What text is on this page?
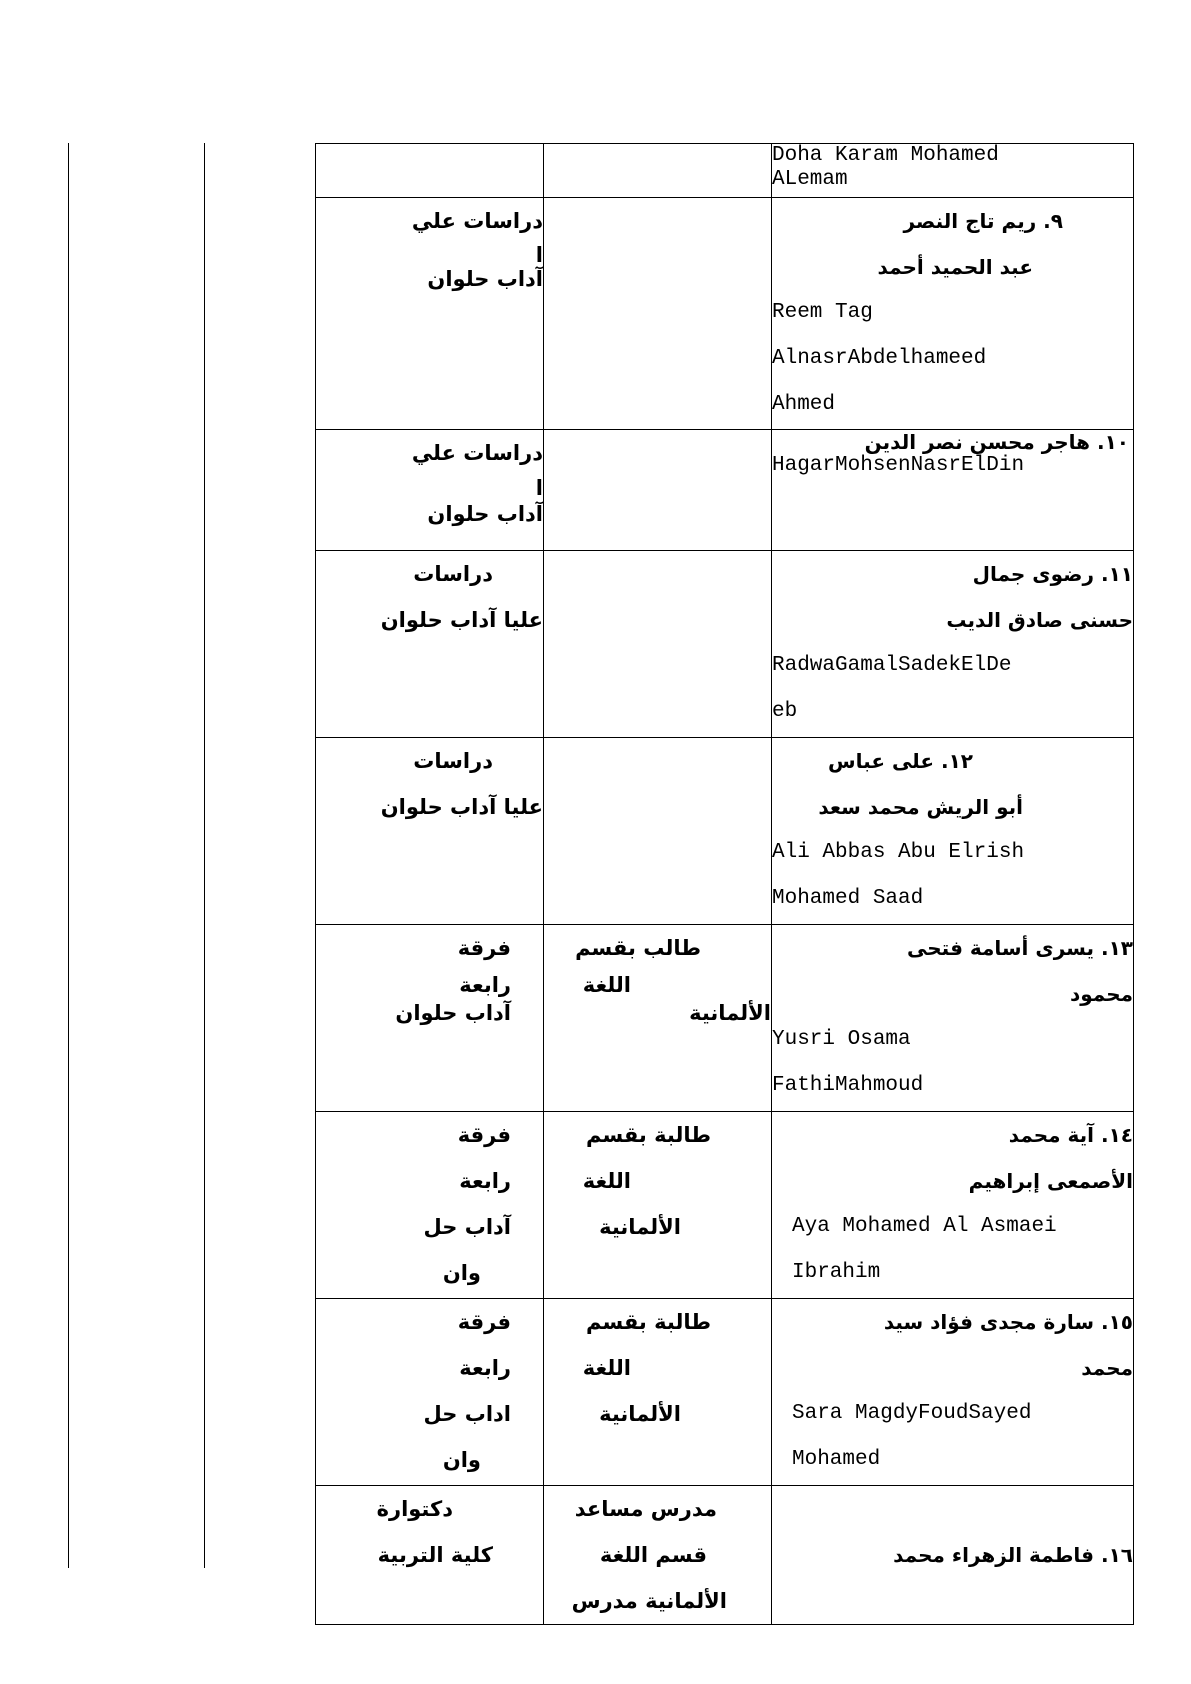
		Doha Karam Mohamed
ALemam

دراسات علي
ا
آداب حلوان		٩. ريم تاج النصر
عبد الحميد أحمد
Reem Tag
AlnasrAbdelhameed
Ahmed

دراسات علي
ا
آداب حلوان		١٠. هاجر محسن نصر الدين
HagarMohsenNasrElDin

دراسات
عليا آداب حلوان		١١. رضوى جمال
حسنى صادق الديب
RadwaGamalSadekElDe
eb

دراسات
عليا آداب حلوان		١٢. على عباس
أبو الريش محمد سعد
Ali Abbas Abu Elrish
Mohamed Saad

فرقة
رابعة
آداب حلوان	طالب بقسم
اللغة
الألمانية	١٣. يسرى أسامة فتحى
محمود
Yusri Osama
FathiMahmoud

فرقة
رابعة
آداب حل
وان	طالبة بقسم
اللغة
الألمانية	١٤. آية محمد
الأصمعى إبراهيم
Aya Mohamed Al Asmaei
Ibrahim

فرقة
رابعة
اداب حل
وان	طالبة بقسم
اللغة
الألمانية	١٥. سارة مجدى فؤاد سيد
محمد
Sara MagdyFoudSayed
Mohamed

دكتوارة
كلية التربية	مدرس مساعد
قسم اللغة
الألمانية مدرس	١٦. فاطمة الزهراء محمد
